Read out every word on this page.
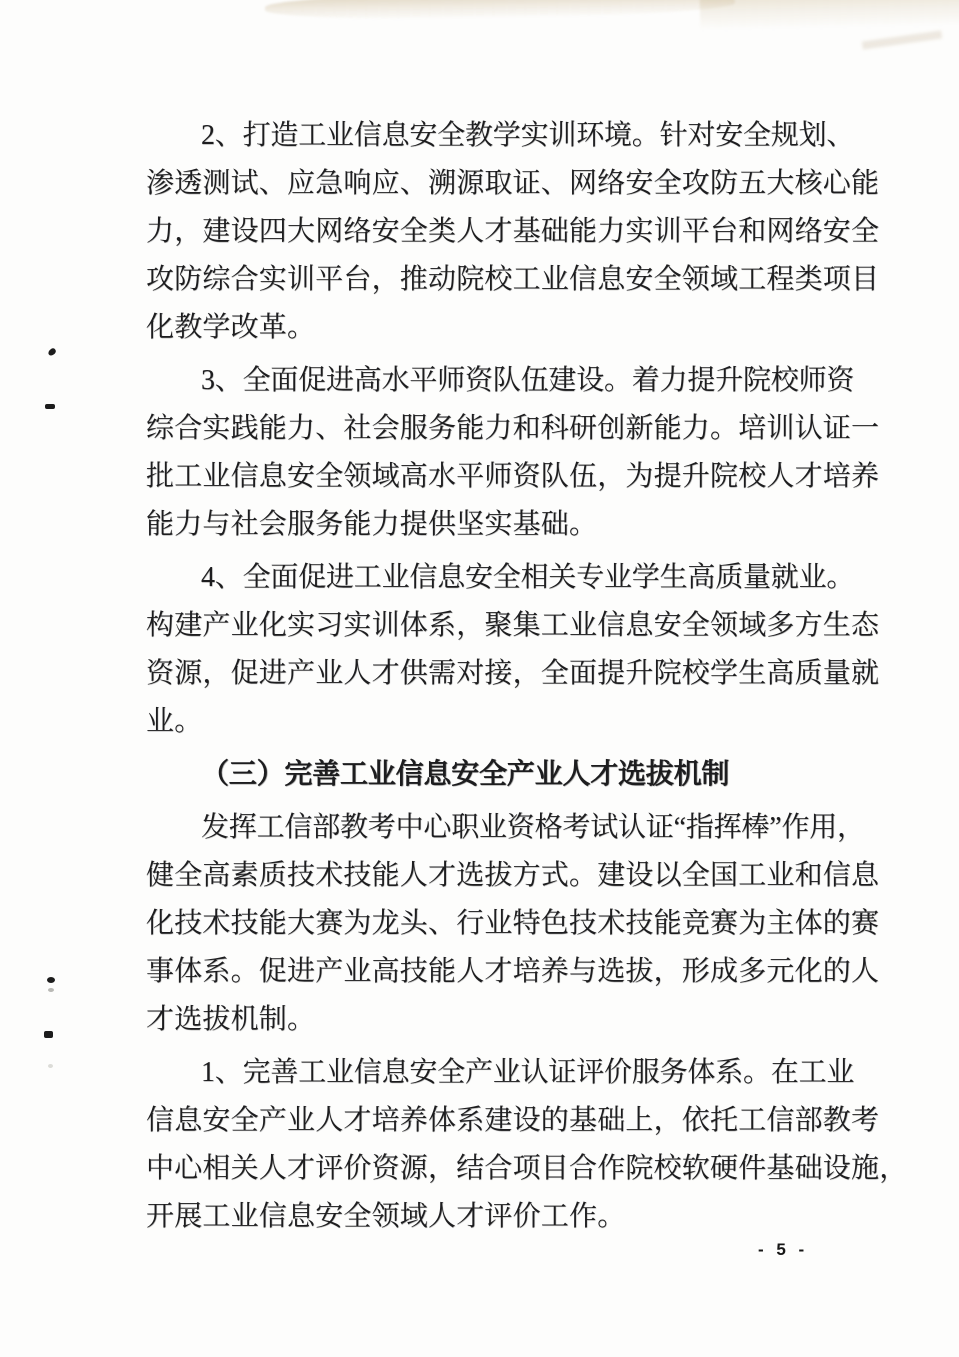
2、打造工业信息安全教学实训环境。针对安全规划、
渗透测试、应急响应、溯源取证、网络安全攻防五大核心能
力，建设四大网络安全类人才基础能力实训平台和网络安全
攻防综合实训平台，推动院校工业信息安全领域工程类项目
化教学改革。
3、全面促进高水平师资队伍建设。着力提升院校师资
综合实践能力、社会服务能力和科研创新能力。培训认证一
批工业信息安全领域高水平师资队伍，为提升院校人才培养
能力与社会服务能力提供坚实基础。
4、全面促进工业信息安全相关专业学生高质量就业。
构建产业化实习实训体系，聚集工业信息安全领域多方生态
资源，促进产业人才供需对接，全面提升院校学生高质量就
业。
（三）完善工业信息安全产业人才选拔机制
发挥工信部教考中心职业资格考试认证“指挥棒”作用，
健全高素质技术技能人才选拔方式。建设以全国工业和信息
化技术技能大赛为龙头、行业特色技术技能竞赛为主体的赛
事体系。促进产业高技能人才培养与选拔，形成多元化的人
才选拔机制。
1、完善工业信息安全产业认证评价服务体系。在工业
信息安全产业人才培养体系建设的基础上，依托工信部教考
中心相关人才评价资源，结合项目合作院校软硬件基础设施，
开展工业信息安全领域人才评价工作。
- 5 -
